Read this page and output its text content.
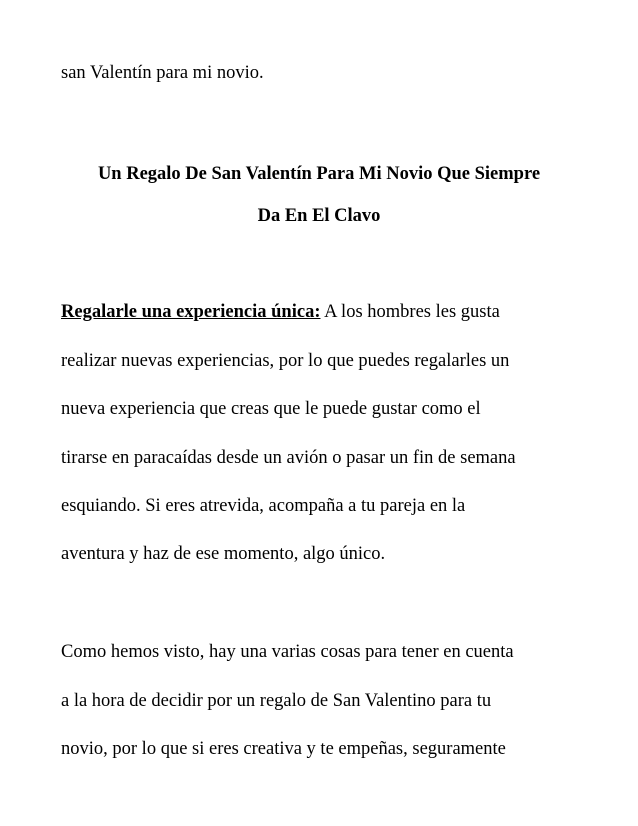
san Valentín para mi novio.
Un Regalo De San Valentín Para Mi Novio Que Siempre
Da En El Clavo
Regalarle una experiencia única: A los hombres les gusta
realizar nuevas experiencias, por lo que puedes regalarles un
nueva experiencia que creas que le puede gustar como el
tirarse en paracaídas desde un avión o pasar un fin de semana
esquiando. Si eres atrevida, acompaña a tu pareja en la
aventura y haz de ese momento, algo único.
Como hemos visto, hay una varias cosas para tener en cuenta
a la hora de decidir por un regalo de San Valentino para tu
novio, por lo que si eres creativa y te empeñas, seguramente
